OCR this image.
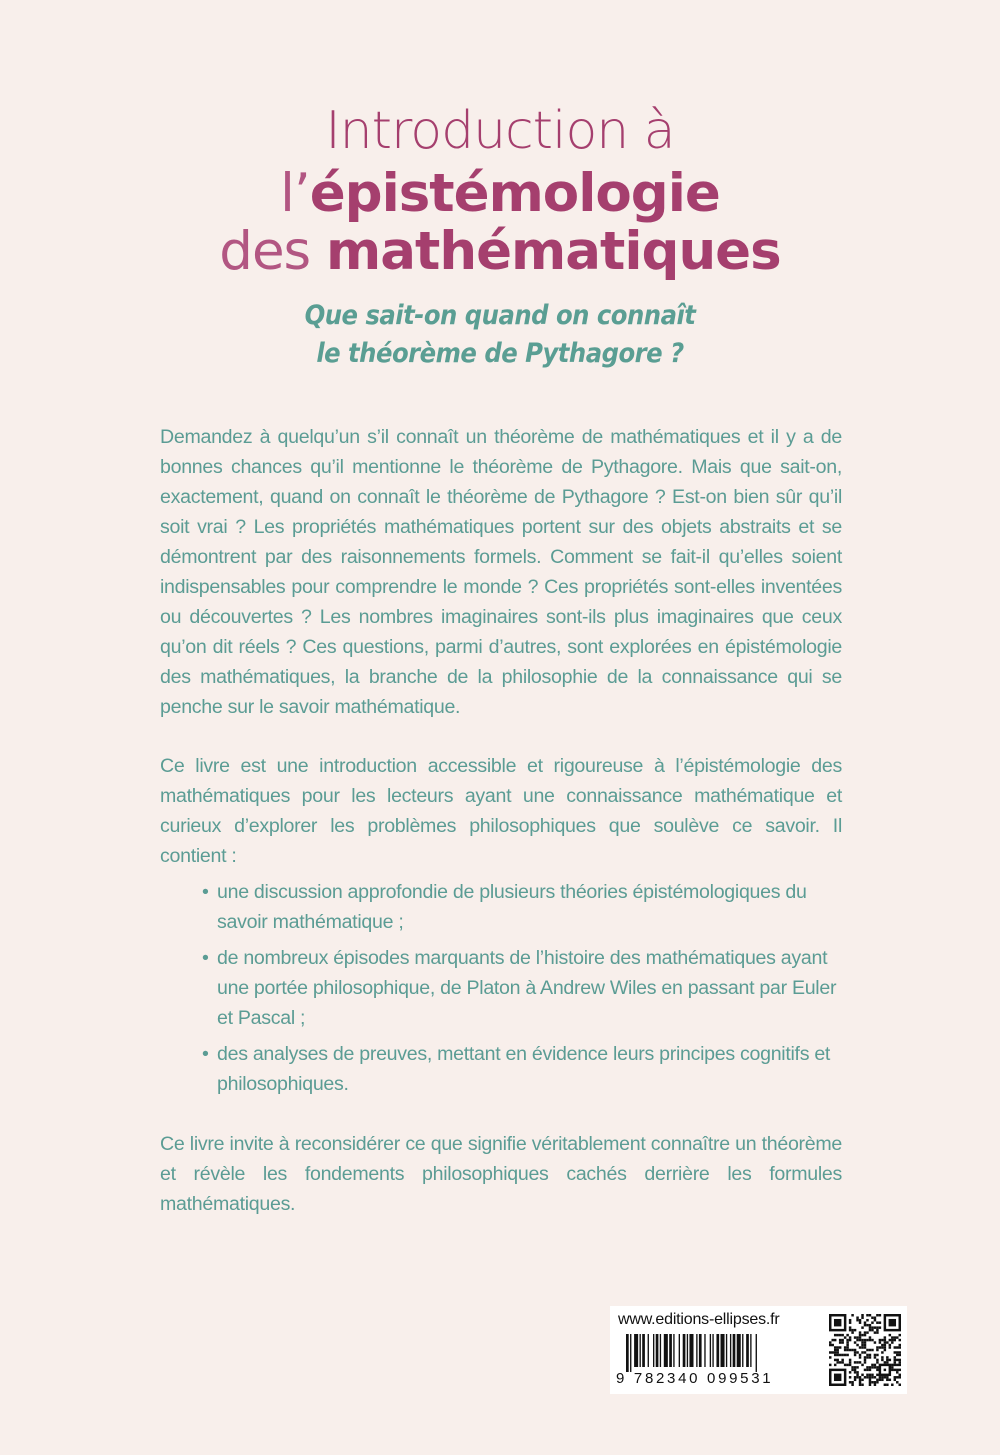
Introduction à
l’épistémologie
des mathématiques
Que sait-on quand on connaît
le théorème de Pythagore ?

Demandez à quelqu’un s’il connaît un théorème de mathématiques et il y a de bonnes chances qu’il mentionne le théorème de Pythagore. Mais que sait-on, exactement, quand on connaît le théorème de Pythagore ? Est-on bien sûr qu’il soit vrai ? Les propriétés mathématiques portent sur des objets abstraits et se démontrent par des raisonnements formels. Comment se fait-il qu’elles soient indispensables pour comprendre le monde ? Ces propriétés sont-elles inventées ou découvertes ? Les nombres imaginaires sont-ils plus imaginaires que ceux qu’on dit réels ? Ces questions, parmi d’autres, sont explorées en épistémologie des mathématiques, la branche de la philosophie de la connaissance qui se penche sur le savoir mathématique.

Ce livre est une introduction accessible et rigoureuse à l’épistémologie des mathématiques pour les lecteurs ayant une connaissance mathématique et curieux d’explorer les problèmes philosophiques que soulève ce savoir. Il contient :

• une discussion approfondie de plusieurs théories épistémologiques du savoir mathématique ;
• de nombreux épisodes marquants de l’histoire des mathématiques ayant une portée philosophique, de Platon à Andrew Wiles en passant par Euler et Pascal ;
• des analyses de preuves, mettant en évidence leurs principes cognitifs et philosophiques.

Ce livre invite à reconsidérer ce que signifie véritablement connaître un théorème et révèle les fondements philosophiques cachés derrière les formules mathématiques.

www.editions-ellipses.fr
9 782340 099531
